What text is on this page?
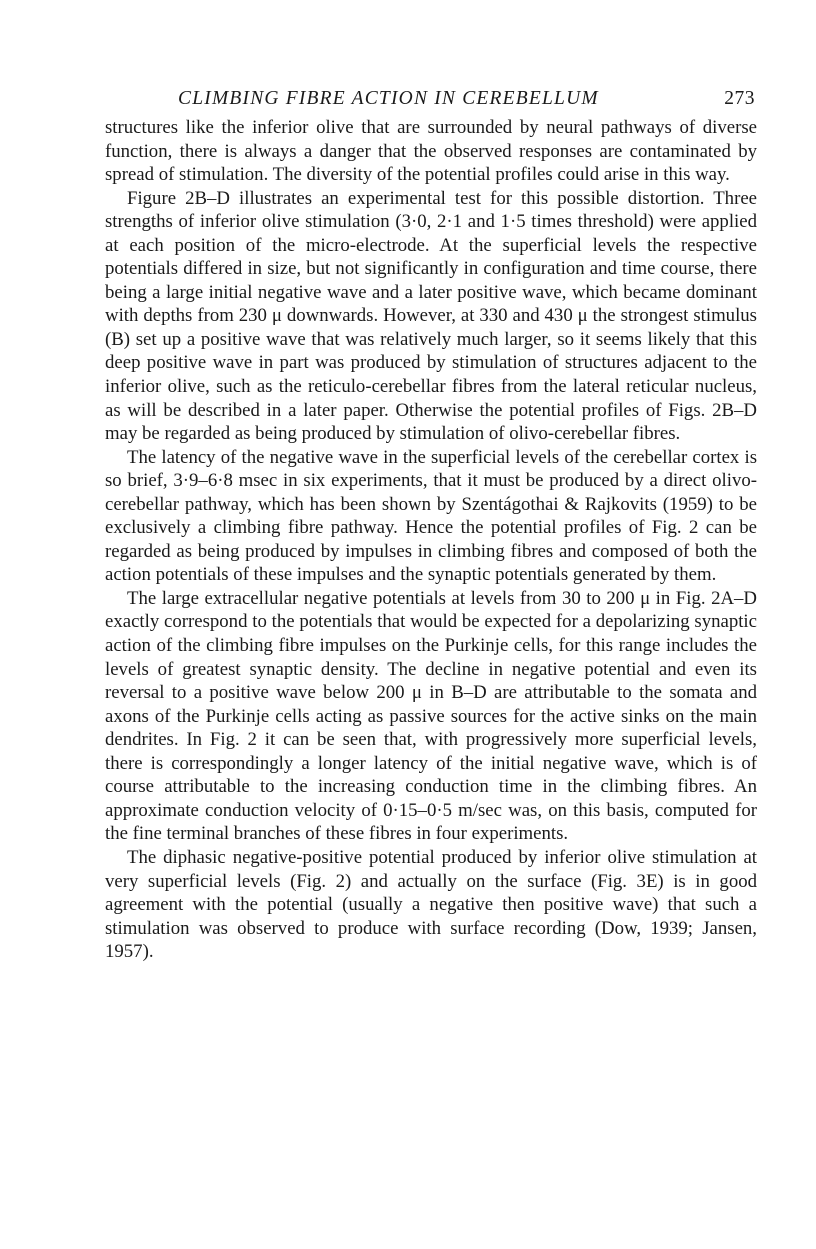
CLIMBING FIBRE ACTION IN CEREBELLUM	273

structures like the inferior olive that are surrounded by neural pathways of diverse function, there is always a danger that the observed responses are contaminated by spread of stimulation. The diversity of the potential profiles could arise in this way.

Figure 2B–D illustrates an experimental test for this possible distortion. Three strengths of inferior olive stimulation (3·0, 2·1 and 1·5 times threshold) were applied at each position of the micro-electrode. At the superficial levels the respective potentials differed in size, but not significantly in configuration and time course, there being a large initial negative wave and a later positive wave, which became dominant with depths from 230 μ downwards. However, at 330 and 430 μ the strongest stimulus (B) set up a positive wave that was relatively much larger, so it seems likely that this deep positive wave in part was produced by stimulation of structures adjacent to the inferior olive, such as the reticulo-cerebellar fibres from the lateral reticular nucleus, as will be described in a later paper. Otherwise the potential profiles of Figs. 2B–D may be regarded as being produced by stimulation of olivo-cerebellar fibres.

The latency of the negative wave in the superficial levels of the cerebellar cortex is so brief, 3·9–6·8 msec in six experiments, that it must be produced by a direct olivo-cerebellar pathway, which has been shown by Szentágothai & Rajkovits (1959) to be exclusively a climbing fibre pathway. Hence the potential profiles of Fig. 2 can be regarded as being produced by impulses in climbing fibres and composed of both the action potentials of these impulses and the synaptic potentials generated by them.

The large extracellular negative potentials at levels from 30 to 200 μ in Fig. 2A–D exactly correspond to the potentials that would be expected for a depolarizing synaptic action of the climbing fibre impulses on the Purkinje cells, for this range includes the levels of greatest synaptic density. The decline in negative potential and even its reversal to a positive wave below 200 μ in B–D are attributable to the somata and axons of the Purkinje cells acting as passive sources for the active sinks on the main dendrites. In Fig. 2 it can be seen that, with progressively more superficial levels, there is correspondingly a longer latency of the initial negative wave, which is of course attributable to the increasing conduction time in the climbing fibres. An approximate conduction velocity of 0·15–0·5 m/sec was, on this basis, computed for the fine terminal branches of these fibres in four experiments.

The diphasic negative-positive potential produced by inferior olive stimulation at very superficial levels (Fig. 2) and actually on the surface (Fig. 3E) is in good agreement with the potential (usually a negative then positive wave) that such a stimulation was observed to produce with surface recording (Dow, 1939; Jansen, 1957).
